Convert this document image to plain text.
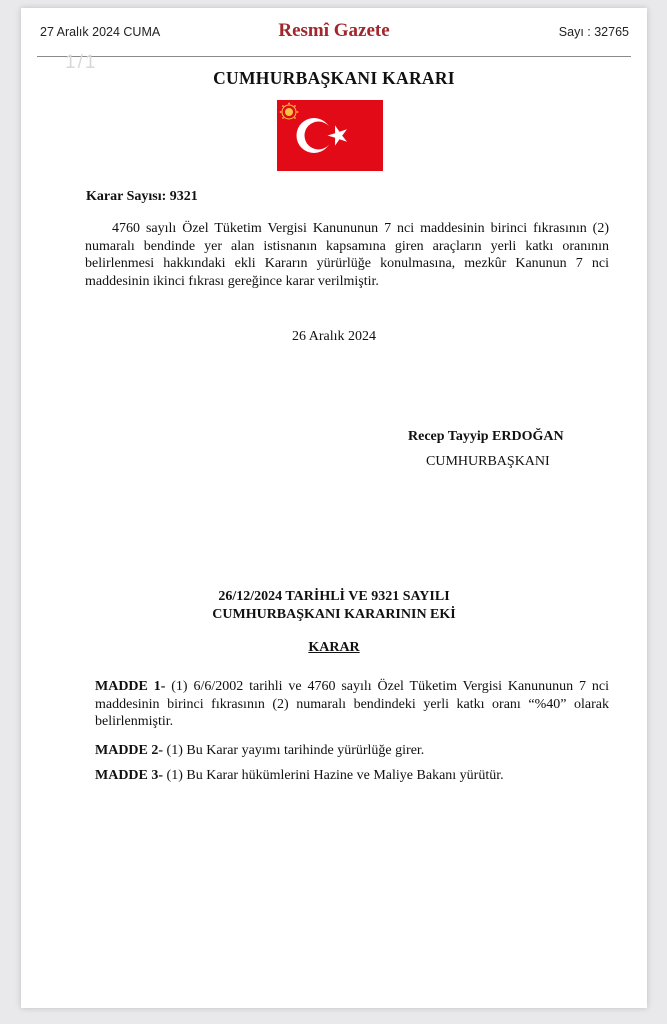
27 Aralık 2024 CUMA	Resmî Gazete	Sayı : 32765
1/1
CUMHURBAŞKANI KARARI
Karar Sayısı: 9321
4760 sayılı Özel Tüketim Vergisi Kanununun 7 nci maddesinin birinci fıkrasının (2) numaralı bendinde yer alan istisnanın kapsamına giren araçların yerli katkı oranının belirlenmesi hakkındaki ekli Kararın yürürlüğe konulmasına, mezkûr Kanunun 7 nci maddesinin ikinci fıkrası gereğince karar verilmiştir.
26 Aralık 2024
Recep Tayyip ERDOĞAN
CUMHURBAŞKANI
26/12/2024 TARİHLİ VE 9321 SAYILI
CUMHURBAŞKANI KARARININ EKİ
KARAR
MADDE 1- (1) 6/6/2002 tarihli ve 4760 sayılı Özel Tüketim Vergisi Kanununun 7 nci maddesinin birinci fıkrasının (2) numaralı bendindeki yerli katkı oranı “%40” olarak belirlenmiştir.
MADDE 2- (1) Bu Karar yayımı tarihinde yürürlüğe girer.
MADDE 3- (1) Bu Karar hükümlerini Hazine ve Maliye Bakanı yürütür.
